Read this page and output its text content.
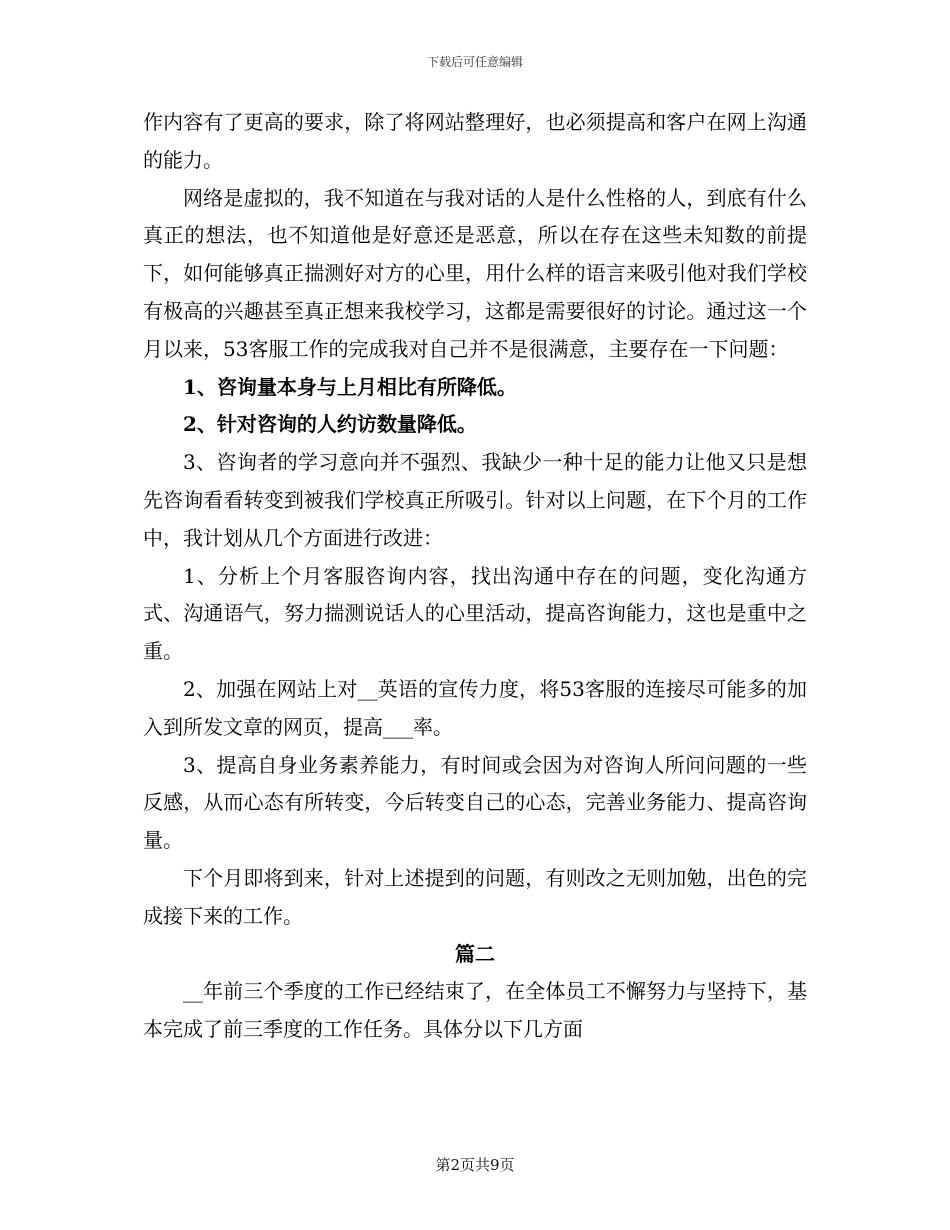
下载后可任意编辑

作内容有了更高的要求，除了将网站整理好，也必须提高和客户在网上沟通的能力。

网络是虚拟的，我不知道在与我对话的人是什么性格的人，到底有什么真正的想法，也不知道他是好意还是恶意，所以在存在这些未知数的前提下，如何能够真正揣测好对方的心里，用什么样的语言来吸引他对我们学校有极高的兴趣甚至真正想来我校学习，这都是需要很好的讨论。通过这一个月以来，53客服工作的完成我对自己并不是很满意，主要存在一下问题：

1、咨询量本身与上月相比有所降低。

2、针对咨询的人约访数量降低。

3、咨询者的学习意向并不强烈、我缺少一种十足的能力让他又只是想先咨询看看转变到被我们学校真正所吸引。针对以上问题，在下个月的工作中，我计划从几个方面进行改进：

1、分析上个月客服咨询内容，找出沟通中存在的问题，变化沟通方式、沟通语气，努力揣测说话人的心里活动，提高咨询能力，这也是重中之重。

2、加强在网站上对__英语的宣传力度，将53客服的连接尽可能多的加入到所发文章的网页，提高___率。

3、提高自身业务素养能力，有时间或会因为对咨询人所问问题的一些反感，从而心态有所转变，今后转变自己的心态，完善业务能力、提高咨询量。

下个月即将到来，针对上述提到的问题，有则改之无则加勉，出色的完成接下来的工作。

篇二

__年前三个季度的工作已经结束了，在全体员工不懈努力与坚持下，基本完成了前三季度的工作任务。具体分以下几方面

第2页共9页
